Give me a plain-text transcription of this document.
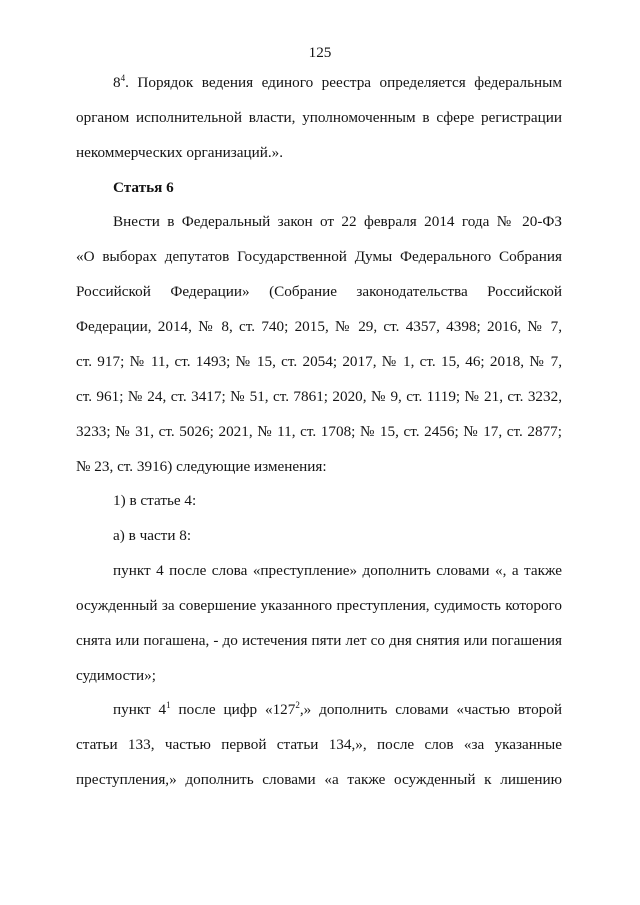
125
$8^4$. Порядок ведения единого реестра определяется федеральным
органом исполнительной власти, уполномоченным в сфере регистрации
некоммерческих организаций.».
Статья 6
Внести в Федеральный закон от 22 февраля 2014 года № 20-ФЗ
«О выборах депутатов Государственной Думы Федерального Собрания
Российской Федерации» (Собрание законодательства Российской
Федерации, 2014, № 8, ст. 740; 2015, № 29, ст. 4357, 4398; 2016, № 7,
ст. 917; № 11, ст. 1493; № 15, ст. 2054; 2017, № 1, ст. 15, 46; 2018, № 7,
ст. 961; № 24, ст. 3417; № 51, ст. 7861; 2020, № 9, ст. 1119; № 21, ст. 3232,
3233; № 31, ст. 5026; 2021, № 11, ст. 1708; № 15, ст. 2456; № 17, ст. 2877;
№ 23, ст. 3916) следующие изменения:
1) в статье 4:
а) в части 8:
пункт 4 после слова «преступление» дополнить словами «, а также
осужденный за совершение указанного преступления, судимость которого
снята или погашена, - до истечения пяти лет со дня снятия или погашения
судимости»;
пункт $4^1$ после цифр «$127^2$,» дополнить словами «частью второй
статьи 133, частью первой статьи 134,», после слов «за указанные
преступления,» дополнить словами «а также осужденный к лишению
